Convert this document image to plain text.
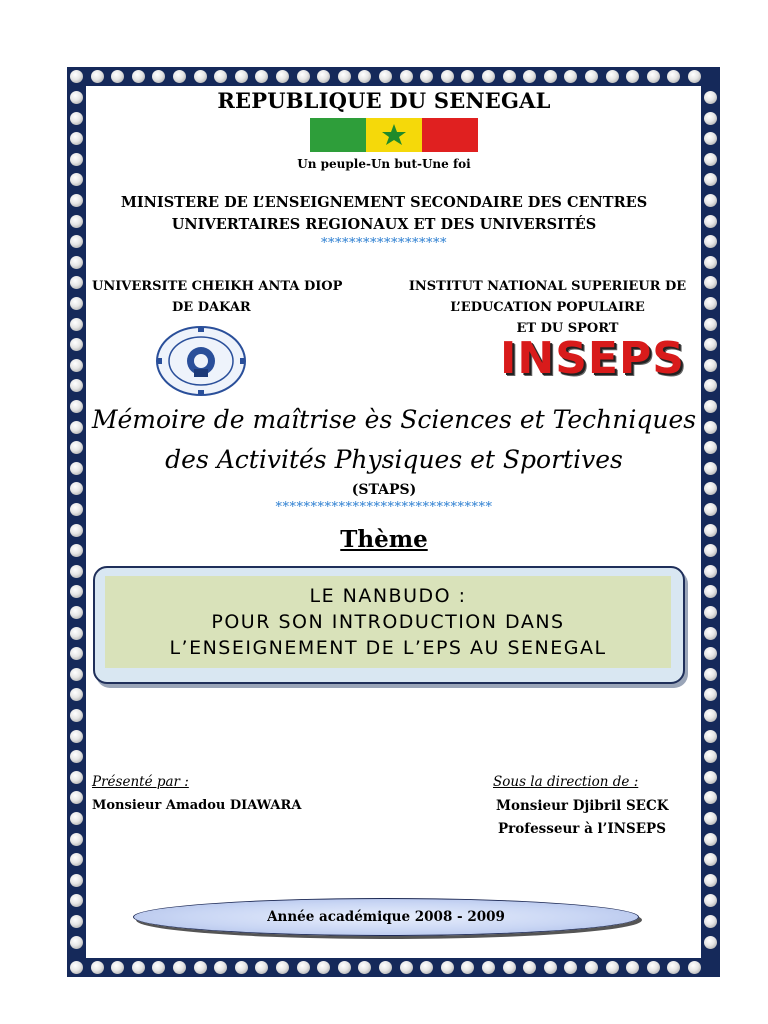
REPUBLIQUE DU SENEGAL
Un peuple-Un but-Une foi
MINISTERE DE L’ENSEIGNEMENT SECONDAIRE DES CENTRES
UNIVERTAIRES REGIONAUX ET DES UNIVERSITÉS
******************
UNIVERSITE CHEIKH ANTA DIOP
DE DAKAR
INSTITUT NATIONAL SUPERIEUR DE
L’EDUCATION POPULAIRE
ET DU SPORT
INSEPS
Mémoire de maîtrise ès Sciences et Techniques
des Activités Physiques et Sportives
(STAPS)
*******************************
Thème
LE NANBUDO :
POUR SON INTRODUCTION DANS
L’ENSEIGNEMENT DE L’EPS AU SENEGAL
Présenté par :
Monsieur Amadou DIAWARA
Sous la direction de :
Monsieur Djibril SECK
Professeur à l’INSEPS
Année académique 2008 - 2009
